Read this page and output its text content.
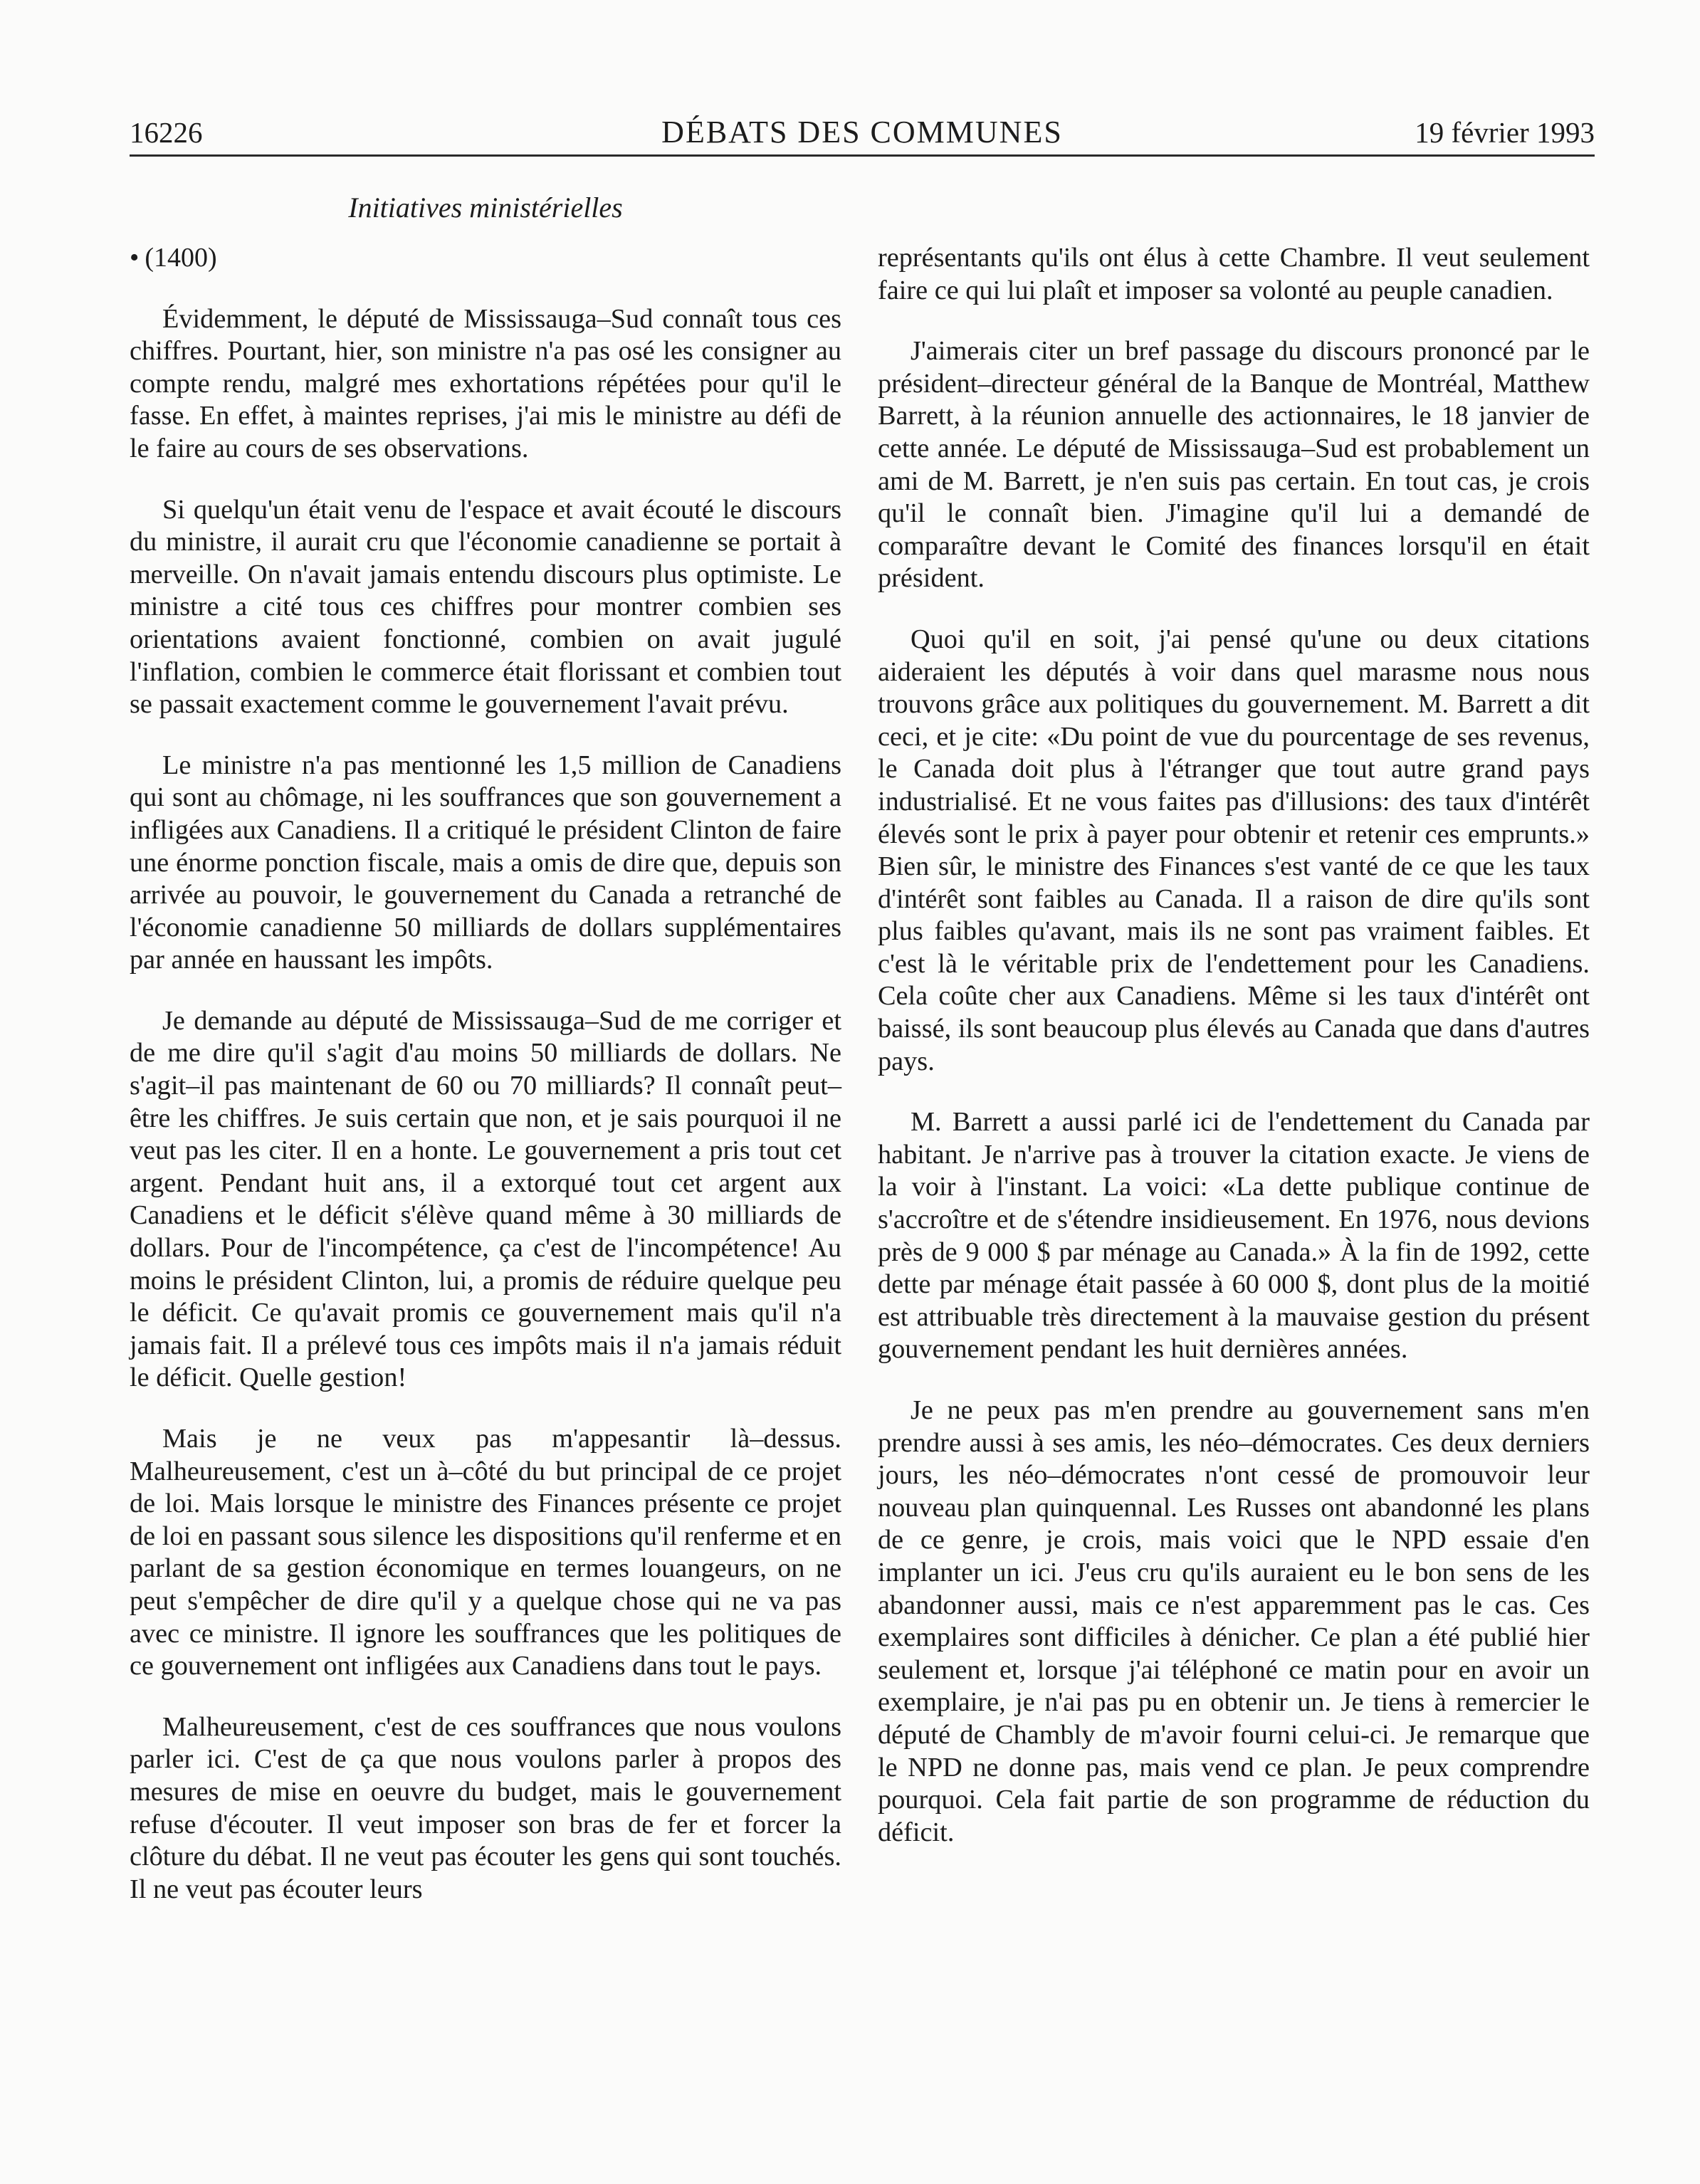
16226	DÉBATS DES COMMUNES	19 février 1993
Initiatives ministérielles
• (1400)

Évidemment, le député de Mississauga–Sud connaît tous ces chiffres. Pourtant, hier, son ministre n'a pas osé les consigner au compte rendu, malgré mes exhortations répétées pour qu'il le fasse. En effet, à maintes reprises, j'ai mis le ministre au défi de le faire au cours de ses observations.

Si quelqu'un était venu de l'espace et avait écouté le discours du ministre, il aurait cru que l'économie canadienne se portait à merveille. On n'avait jamais entendu discours plus optimiste. Le ministre a cité tous ces chiffres pour montrer combien ses orientations avaient fonctionné, combien on avait jugulé l'inflation, combien le commerce était florissant et combien tout se passait exactement comme le gouvernement l'avait prévu.

Le ministre n'a pas mentionné les 1,5 million de Canadiens qui sont au chômage, ni les souffrances que son gouvernement a infligées aux Canadiens. Il a critiqué le président Clinton de faire une énorme ponction fiscale, mais a omis de dire que, depuis son arrivée au pouvoir, le gouvernement du Canada a retranché de l'économie canadienne 50 milliards de dollars supplémentaires par année en haussant les impôts.

Je demande au député de Mississauga–Sud de me corriger et de me dire qu'il s'agit d'au moins 50 milliards de dollars. Ne s'agit–il pas maintenant de 60 ou 70 milliards? Il connaît peut–être les chiffres. Je suis certain que non, et je sais pourquoi il ne veut pas les citer. Il en a honte. Le gouvernement a pris tout cet argent. Pendant huit ans, il a extorqué tout cet argent aux Canadiens et le déficit s'élève quand même à 30 milliards de dollars. Pour de l'incompétence, ça c'est de l'incompétence! Au moins le président Clinton, lui, a promis de réduire quelque peu le déficit. Ce qu'avait promis ce gouvernement mais qu'il n'a jamais fait. Il a prélevé tous ces impôts mais il n'a jamais réduit le déficit. Quelle gestion!

Mais je ne veux pas m'appesantir là–dessus. Malheureusement, c'est un à–côté du but principal de ce projet de loi. Mais lorsque le ministre des Finances présente ce projet de loi en passant sous silence les dispositions qu'il renferme et en parlant de sa gestion économique en termes louangeurs, on ne peut s'empêcher de dire qu'il y a quelque chose qui ne va pas avec ce ministre. Il ignore les souffrances que les politiques de ce gouvernement ont infligées aux Canadiens dans tout le pays.

Malheureusement, c'est de ces souffrances que nous voulons parler ici. C'est de ça que nous voulons parler à propos des mesures de mise en oeuvre du budget, mais le gouvernement refuse d'écouter. Il veut imposer son bras de fer et forcer la clôture du débat. Il ne veut pas écouter les gens qui sont touchés. Il ne veut pas écouter leurs

représentants qu'ils ont élus à cette Chambre. Il veut seulement faire ce qui lui plaît et imposer sa volonté au peuple canadien.

J'aimerais citer un bref passage du discours prononcé par le président–directeur général de la Banque de Montréal, Matthew Barrett, à la réunion annuelle des actionnaires, le 18 janvier de cette année. Le député de Mississauga–Sud est probablement un ami de M. Barrett, je n'en suis pas certain. En tout cas, je crois qu'il le connaît bien. J'imagine qu'il lui a demandé de comparaître devant le Comité des finances lorsqu'il en était président.

Quoi qu'il en soit, j'ai pensé qu'une ou deux citations aideraient les députés à voir dans quel marasme nous nous trouvons grâce aux politiques du gouvernement. M. Barrett a dit ceci, et je cite: «Du point de vue du pourcentage de ses revenus, le Canada doit plus à l'étranger que tout autre grand pays industrialisé. Et ne vous faites pas d'illusions: des taux d'intérêt élevés sont le prix à payer pour obtenir et retenir ces emprunts.» Bien sûr, le ministre des Finances s'est vanté de ce que les taux d'intérêt sont faibles au Canada. Il a raison de dire qu'ils sont plus faibles qu'avant, mais ils ne sont pas vraiment faibles. Et c'est là le véritable prix de l'endettement pour les Canadiens. Cela coûte cher aux Canadiens. Même si les taux d'intérêt ont baissé, ils sont beaucoup plus élevés au Canada que dans d'autres pays.

M. Barrett a aussi parlé ici de l'endettement du Canada par habitant. Je n'arrive pas à trouver la citation exacte. Je viens de la voir à l'instant. La voici: «La dette publique continue de s'accroître et de s'étendre insidieusement. En 1976, nous devions près de 9 000 $ par ménage au Canada.» À la fin de 1992, cette dette par ménage était passée à 60 000 $, dont plus de la moitié est attribuable très directement à la mauvaise gestion du présent gouvernement pendant les huit dernières années.

Je ne peux pas m'en prendre au gouvernement sans m'en prendre aussi à ses amis, les néo–démocrates. Ces deux derniers jours, les néo–démocrates n'ont cessé de promouvoir leur nouveau plan quinquennal. Les Russes ont abandonné les plans de ce genre, je crois, mais voici que le NPD essaie d'en implanter un ici. J'eus cru qu'ils auraient eu le bon sens de les abandonner aussi, mais ce n'est apparemment pas le cas. Ces exemplaires sont difficiles à dénicher. Ce plan a été publié hier seulement et, lorsque j'ai téléphoné ce matin pour en avoir un exemplaire, je n'ai pas pu en obtenir un. Je tiens à remercier le député de Chambly de m'avoir fourni celui-ci. Je remarque que le NPD ne donne pas, mais vend ce plan. Je peux comprendre pourquoi. Cela fait partie de son programme de réduction du déficit.
